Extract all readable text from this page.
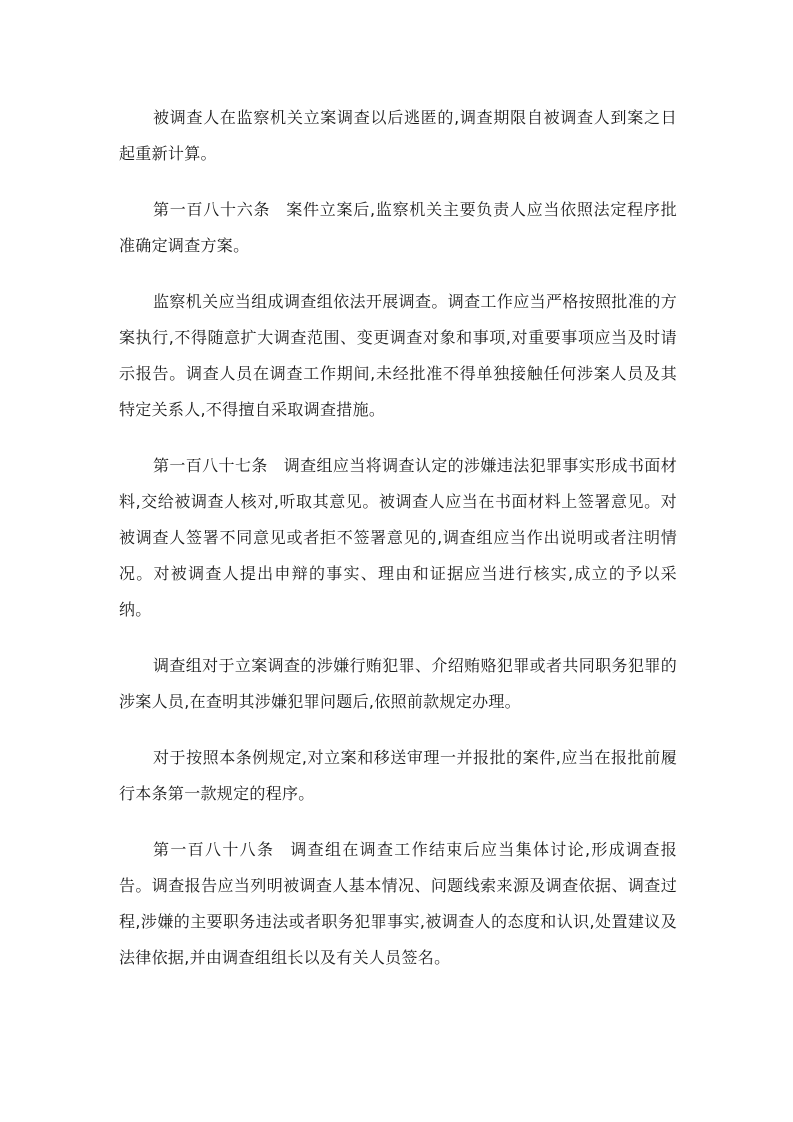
被调查人在监察机关立案调查以后逃匿的,调查期限自被调查人到案之日起重新计算。

第一百八十六条 案件立案后,监察机关主要负责人应当依照法定程序批准确定调查方案。

监察机关应当组成调查组依法开展调查。调查工作应当严格按照批准的方案执行,不得随意扩大调查范围、变更调查对象和事项,对重要事项应当及时请示报告。调查人员在调查工作期间,未经批准不得单独接触任何涉案人员及其特定关系人,不得擅自采取调查措施。

第一百八十七条 调查组应当将调查认定的涉嫌违法犯罪事实形成书面材料,交给被调查人核对,听取其意见。被调查人应当在书面材料上签署意见。对被调查人签署不同意见或者拒不签署意见的,调查组应当作出说明或者注明情况。对被调查人提出申辩的事实、理由和证据应当进行核实,成立的予以采纳。

调查组对于立案调查的涉嫌行贿犯罪、介绍贿赂犯罪或者共同职务犯罪的涉案人员,在查明其涉嫌犯罪问题后,依照前款规定办理。

对于按照本条例规定,对立案和移送审理一并报批的案件,应当在报批前履行本条第一款规定的程序。

第一百八十八条 调查组在调查工作结束后应当集体讨论,形成调查报告。调查报告应当列明被调查人基本情况、问题线索来源及调查依据、调查过程,涉嫌的主要职务违法或者职务犯罪事实,被调查人的态度和认识,处置建议及法律依据,并由调查组组长以及有关人员签名。
